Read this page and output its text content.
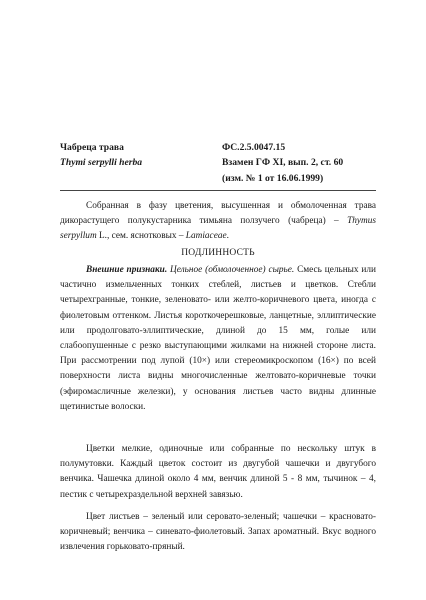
Чабреца трава
Thymi serpylli herba
ФС.2.5.0047.15
Взамен ГФ XI, вып. 2, ст. 60
(изм. № 1 от 16.06.1999)

Собранная в фазу цветения, высушенная и обмолоченная трава дикорастущего полукустарника тимьяна ползучего (чабреца) – Thymus serpyllum L., сем. яснотковых – Lamiaceae.

ПОДЛИННОСТЬ

Внешние признаки. Цельное (обмолоченное) сырье. Смесь цельных или частично измельченных тонких стеблей, листьев и цветков. Стебли четырехгранные, тонкие, зеленовато- или желто-коричневого цвета, иногда с фиолетовым оттенком. Листья короткочерешковые, ланцетные, эллиптические или продолговато-эллиптические, длиной до 15 мм, голые или слабоопушенные с резко выступающими жилками на нижней стороне листа. При рассмотрении под лупой (10×) или стереомикроскопом (16×) по всей поверхности листа видны многочисленные желтовато-коричневые точки (эфиромасличные железки), у основания листьев часто видны длинные щетинистые волоски.

Цветки мелкие, одиночные или собранные по нескольку штук в полумутовки. Каждый цветок состоит из двугубой чашечки и двугубого венчика. Чашечка длиной около 4 мм, венчик длиной 5 - 8 мм, тычинок – 4, пестик с четырехраздельной верхней завязью.

Цвет листьев – зеленый или серовато-зеленый; чашечки – красновато-коричневый; венчика – синевато-фиолетовый. Запах ароматный. Вкус водного извлечения горьковато-пряный.
